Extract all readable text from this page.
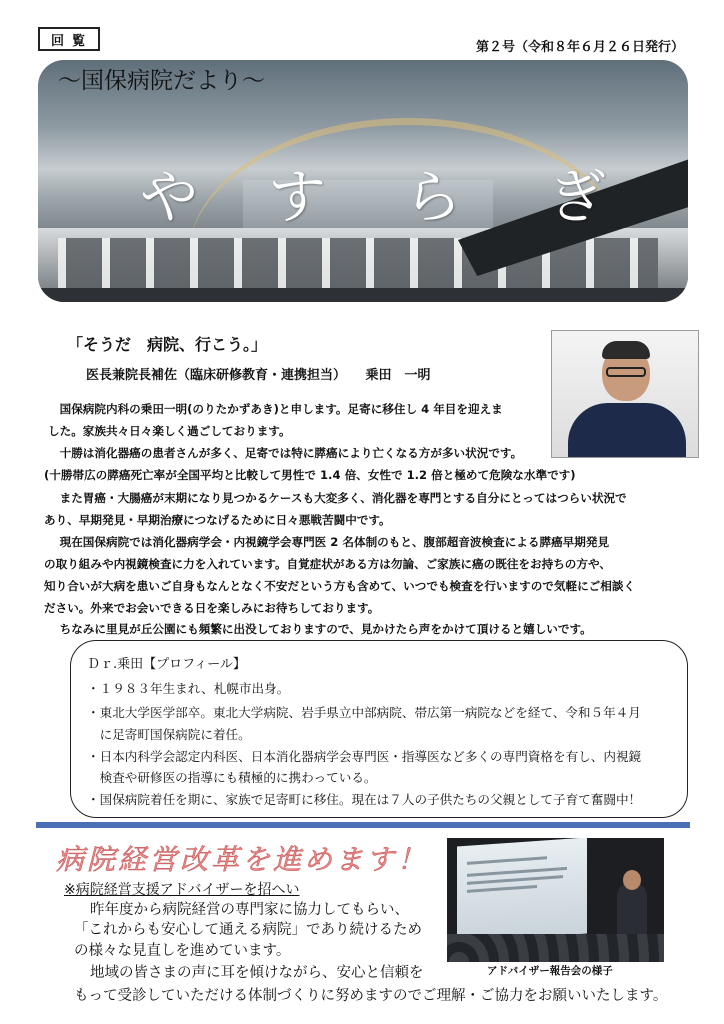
回覧	第２号（令和８年６月２６日発行）
～国保病院だより～
や す ら ぎ
「そうだ　病院、行こう。」
医長兼院長補佐（臨床研修教育・連携担当）　　乗田　一明
　国保病院内科の乗田一明(のりたかずあき)と申します。足寄に移住し 4 年目を迎えま
した。家族共々日々楽しく過ごしております。
　十勝は消化器癌の患者さんが多く、足寄では特に膵癌により亡くなる方が多い状況です。
(十勝帯広の膵癌死亡率が全国平均と比較して男性で 1.4 倍、女性で 1.2 倍と極めて危険な水準です)
　また胃癌・大腸癌が末期になり見つかるケースも大変多く、消化器を専門とする自分にとってはつらい状況で
あり、早期発見・早期治療につなげるために日々悪戦苦闘中です。
　現在国保病院では消化器病学会・内視鏡学会専門医 2 名体制のもと、腹部超音波検査による膵癌早期発見
の取り組みや内視鏡検査に力を入れています。自覚症状がある方は勿論、ご家族に癌の既往をお持ちの方や、
知り合いが大病を患いご自身もなんとなく不安だという方も含めて、いつでも検査を行いますので気軽にご相談く
ださい。外来でお会いできる日を楽しみにお待ちしております。
　ちなみに里見が丘公園にも頻繁に出没しておりますので、見かけたら声をかけて頂けると嬉しいです。
Ｄｒ.乗田【プロフィール】
・１９８３年生まれ、札幌市出身。
・東北大学医学部卒。東北大学病院、岩手県立中部病院、帯広第一病院などを経て、令和５年４月
　に足寄町国保病院に着任。
・日本内科学会認定内科医、日本消化器病学会専門医・指導医など多くの専門資格を有し、内視鏡
　検査や研修医の指導にも積極的に携わっている。
・国保病院着任を期に、家族で足寄町に移住。現在は７人の子供たちの父親として子育て奮闘中！
病院経営改革を進めます！
※病院経営支援アドバイザーを招へい
昨年度から病院経営の専門家に協力してもらい、
「これからも安心して通える病院」であり続けるため
の様々な見直しを進めています。
地域の皆さまの声に耳を傾けながら、安心と信頼を
もって受診していただける体制づくりに努めますのでご理解・ご協力をお願いいたします。
アドバイザー報告会の様子
